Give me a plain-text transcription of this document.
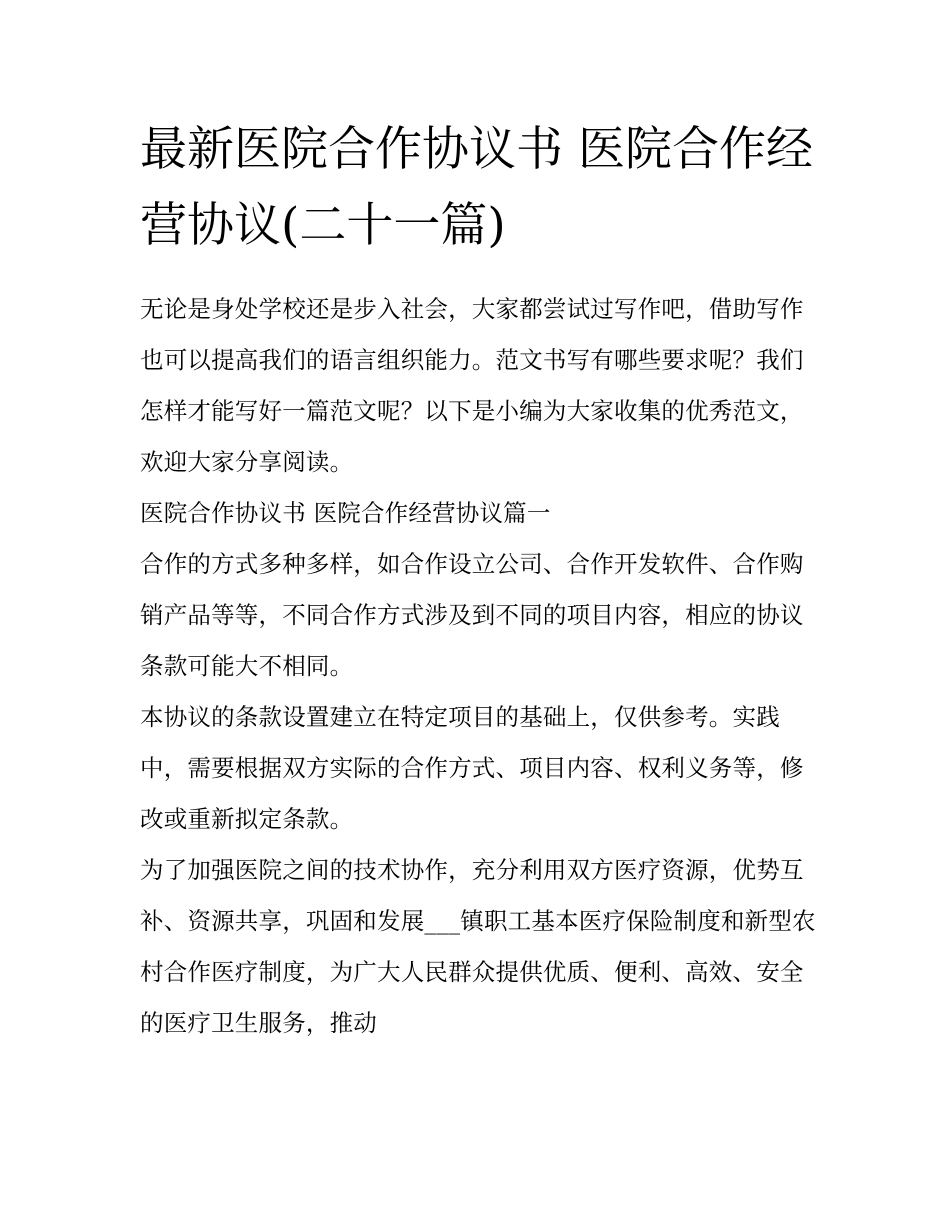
最新医院合作协议书 医院合作经营协议(二十一篇)

无论是身处学校还是步入社会，大家都尝试过写作吧，借助写作也可以提高我们的语言组织能力。范文书写有哪些要求呢？我们怎样才能写好一篇范文呢？以下是小编为大家收集的优秀范文，欢迎大家分享阅读。

医院合作协议书 医院合作经营协议篇一

合作的方式多种多样，如合作设立公司、合作开发软件、合作购销产品等等，不同合作方式涉及到不同的项目内容，相应的协议条款可能大不相同。

本协议的条款设置建立在特定项目的基础上，仅供参考。实践中，需要根据双方实际的合作方式、项目内容、权利义务等，修改或重新拟定条款。

为了加强医院之间的技术协作，充分利用双方医疗资源，优势互补、资源共享，巩固和发展___镇职工基本医疗保险制度和新型农村合作医疗制度，为广大人民群众提供优质、便利、高效、安全的医疗卫生服务，推动
